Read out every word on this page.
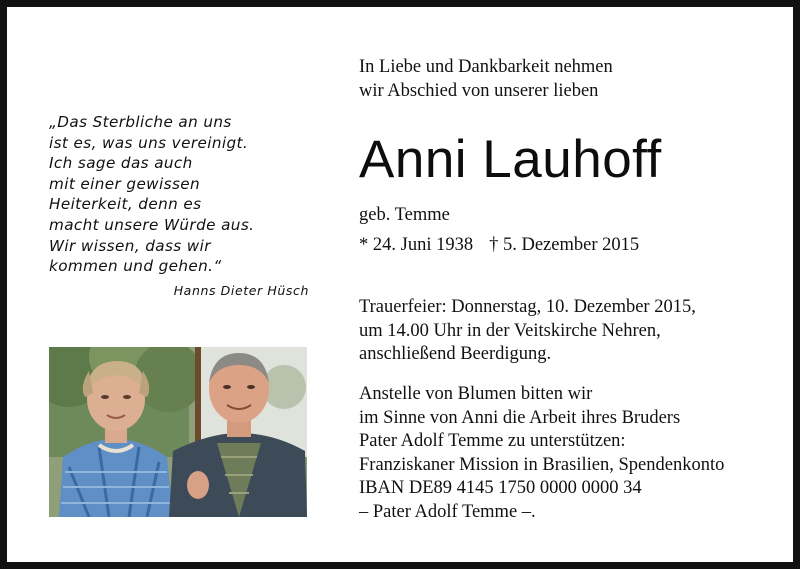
„Das Sterbliche an uns
ist es, was uns vereinigt.
Ich sage das auch
mit einer gewissen
Heiterkeit, denn es
macht unsere Würde aus.
Wir wissen, dass wir
kommen und gehen.“
Hanns Dieter Hüsch
In Liebe und Dankbarkeit nehmen
wir Abschied von unserer lieben
Anni Lauhoff
geb. Temme
* 24. Juni 1938 † 5. Dezember 2015
Trauerfeier: Donnerstag, 10. Dezember 2015,
um 14.00 Uhr in der Veitskirche Nehren,
anschließend Beerdigung.
Anstelle von Blumen bitten wir
im Sinne von Anni die Arbeit ihres Bruders
Pater Adolf Temme zu unterstützen:
Franziskaner Mission in Brasilien, Spendenkonto
IBAN DE89 4145 1750 0000 0000 34
– Pater Adolf Temme –.
